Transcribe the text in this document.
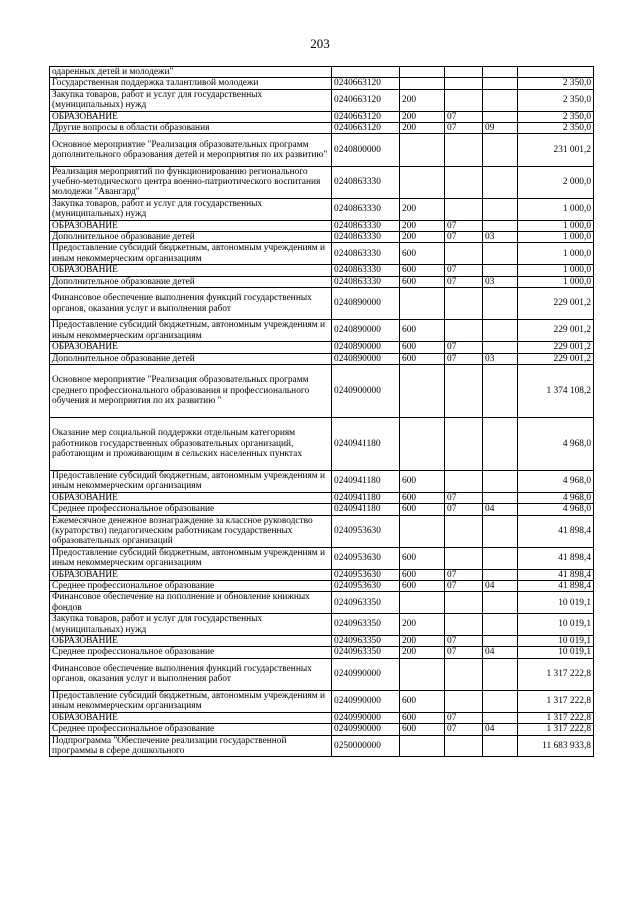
203
одаренных детей и молодежи"					
Государственная поддержка талантливой молодежи	0240663120				2 350,0
Закупка товаров, работ и услуг для государственных (муниципальных) нужд	0240663120	200			2 350,0
ОБРАЗОВАНИЕ	0240663120	200	07		2 350,0
Другие вопросы в области образования	0240663120	200	07	09	2 350,0
Основное мероприятие "Реализация образовательных программ дополнительного образования детей и мероприятия по их развитию"	0240800000				231 001,2
Реализация мероприятий по функционированию регионального учебно-методического центра военно-патриотического воспитания молодежи "Авангард"	0240863330				2 000,0
Закупка товаров, работ и услуг для государственных (муниципальных) нужд	0240863330	200			1 000,0
ОБРАЗОВАНИЕ	0240863330	200	07		1 000,0
Дополнительное образование детей	0240863330	200	07	03	1 000,0
Предоставление субсидий бюджетным, автономным учреждениям и иным некоммерческим организациям	0240863330	600			1 000,0
ОБРАЗОВАНИЕ	0240863330	600	07		1 000,0
Дополнительное образование детей	0240863330	600	07	03	1 000,0
Финансовое обеспечение выполнения функций государственных органов, оказания услуг и выполнения работ	0240890000				229 001,2
Предоставление субсидий бюджетным, автономным учреждениям и иным некоммерческим организациям	0240890000	600			229 001,2
ОБРАЗОВАНИЕ	0240890000	600	07		229 001,2
Дополнительное образование детей	0240890000	600	07	03	229 001,2
Основное мероприятие "Реализация образовательных программ среднего профессионального образования и профессионального обучения и мероприятия по их развитию "	0240900000				1 374 108,2
Оказание мер социальной поддержки отдельным категориям работников государственных образовательных организаций, работающим и проживающим в сельских населенных пунктах	0240941180				4 968,0
Предоставление субсидий бюджетным, автономным учреждениям и иным некоммерческим организациям	0240941180	600			4 968,0
ОБРАЗОВАНИЕ	0240941180	600	07		4 968,0
Среднее профессиональное образование	0240941180	600	07	04	4 968,0
Ежемесячное денежное вознаграждение за классное руководство (кураторство) педагогическим работникам государственных образовательных организаций	0240953630				41 898,4
Предоставление субсидий бюджетным, автономным учреждениям и иным некоммерческим организациям	0240953630	600			41 898,4
ОБРАЗОВАНИЕ	0240953630	600	07		41 898,4
Среднее профессиональное образование	0240953630	600	07	04	41 898,4
Финансовое обеспечение на пополнение и обновление книжных фондов	0240963350				10 019,1
Закупка товаров, работ и услуг для государственных (муниципальных) нужд	0240963350	200			10 019,1
ОБРАЗОВАНИЕ	0240963350	200	07		10 019,1
Среднее профессиональное образование	0240963350	200	07	04	10 019,1
Финансовое обеспечение выполнения функций государственных органов, оказания услуг и выполнения работ	0240990000				1 317 222,8
Предоставление субсидий бюджетным, автономным учреждениям и иным некоммерческим организациям	0240990000	600			1 317 222,8
ОБРАЗОВАНИЕ	0240990000	600	07		1 317 222,8
Среднее профессиональное образование	0240990000	600	07	04	1 317 222,8
Подпрограмма "Обеспечение реализации государственной программы в сфере дошкольного	0250000000				11 683 933,8
